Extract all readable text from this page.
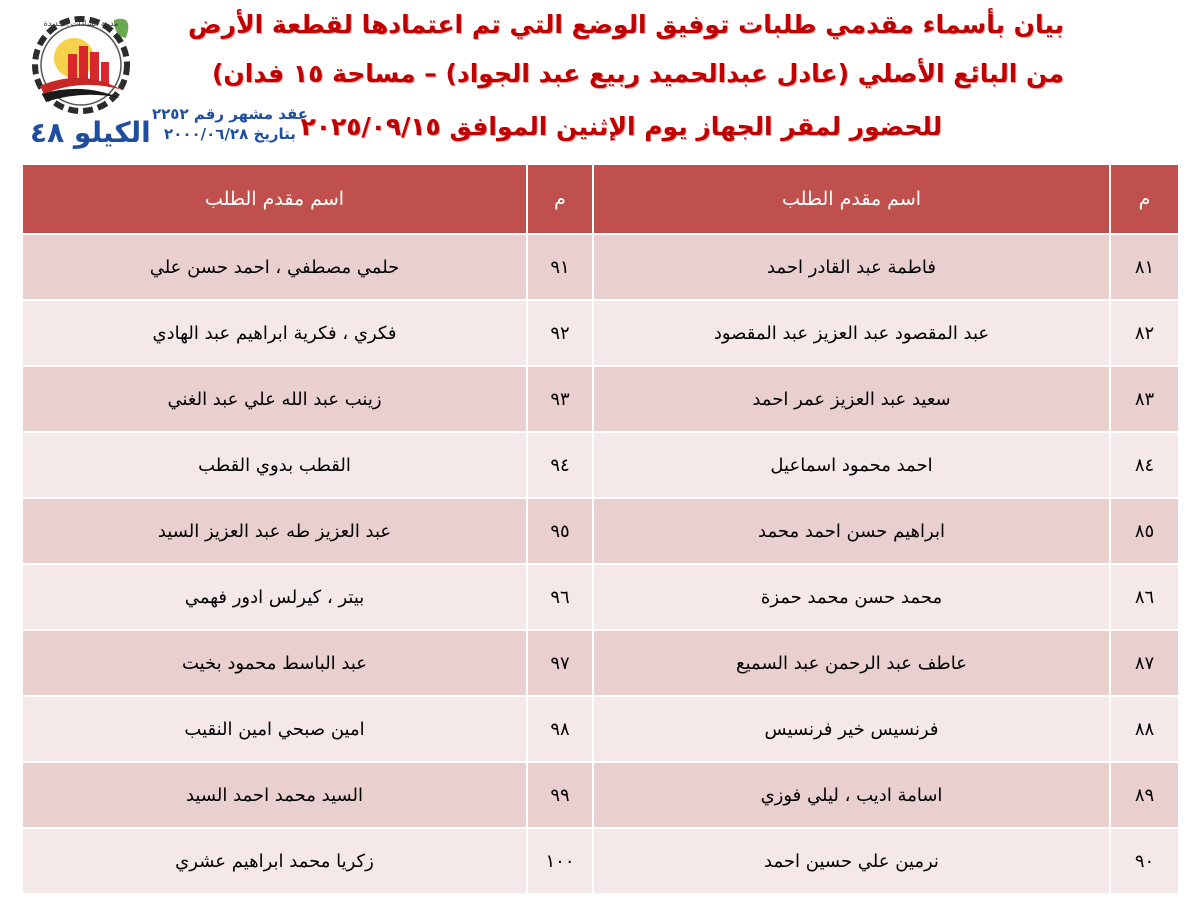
بيان بأسماء مقدمي طلبات توفيق الوضع التي تم اعتمادها لقطعة الأرض
من البائع الأصلي (عادل عبدالحميد ربيع عبد الجواد) – مساحة ١٥ فدان)
للحضور لمقر الجهاز يوم الإثنين الموافق ٢٠٢٥/٠٩/١٥
مدينة السادات الجديدة
الكيلو ٤٨
عقد مشهر رقم ٢٢٥٢
بتاريخ ٢٠٠٠/٠٦/٢٨
م	اسم مقدم الطلب	م	اسم مقدم الطلب
٨١	فاطمة عبد القادر احمد	٩١	حلمي مصطفي ، احمد حسن علي
٨٢	عبد المقصود عبد العزيز عبد المقصود	٩٢	فكري ، فكرية ابراهيم عبد الهادي
٨٣	سعيد عبد العزيز عمر احمد	٩٣	زينب عبد الله علي عبد الغني
٨٤	احمد محمود اسماعيل	٩٤	القطب بدوي القطب
٨٥	ابراهيم حسن احمد محمد	٩٥	عبد العزيز طه عبد العزيز السيد
٨٦	محمد حسن محمد حمزة	٩٦	بيتر ، كيرلس ادور فهمي
٨٧	عاطف عبد الرحمن عبد السميع	٩٧	عبد الباسط محمود بخيت
٨٨	فرنسيس خير فرنسيس	٩٨	امين صبحي امين النقيب
٨٩	اسامة اديب ، ليلي فوزي	٩٩	السيد محمد احمد السيد
٩٠	نرمين علي حسين احمد	١٠٠	زكريا محمد ابراهيم عشري
